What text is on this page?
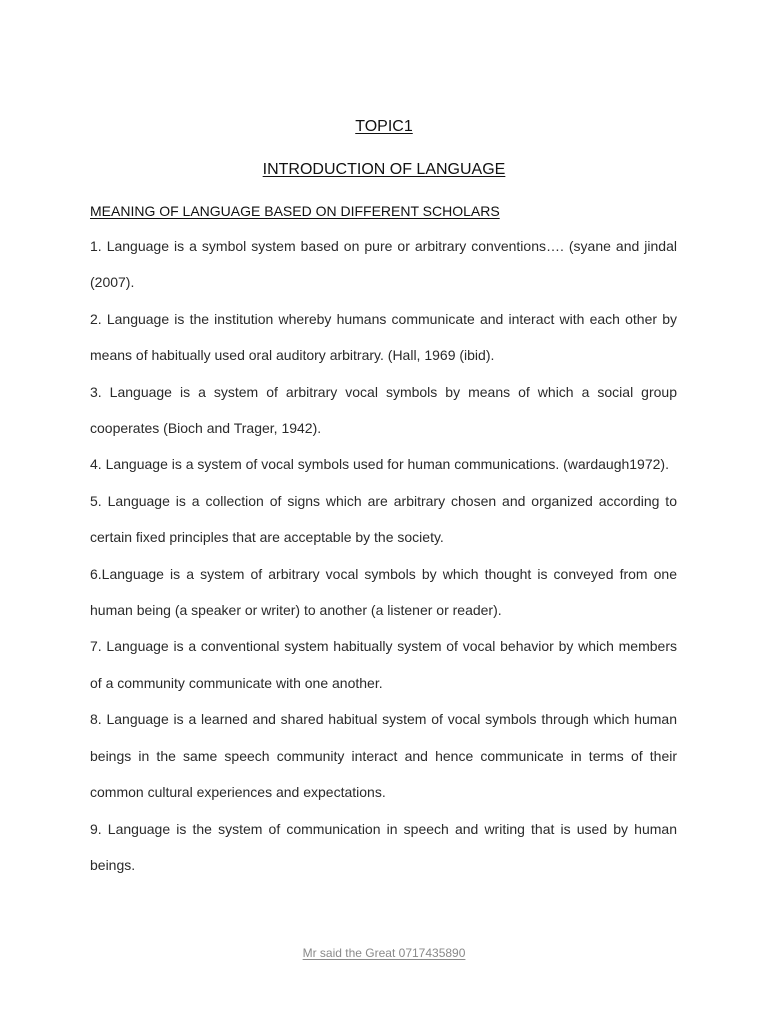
TOPIC1
INTRODUCTION OF LANGUAGE
MEANING OF LANGUAGE BASED ON DIFFERENT SCHOLARS

1. Language is a symbol system based on pure or arbitrary conventions…. (syane and jindal (2007).

2. Language is the institution whereby humans communicate and interact with each other by means of habitually used oral auditory arbitrary. (Hall, 1969 (ibid).

3. Language is a system of arbitrary vocal symbols by means of which a social group cooperates (Bioch and Trager, 1942).

4. Language is a system of vocal symbols used for human communications. (wardaugh1972).

5. Language is a collection of signs which are arbitrary chosen and organized according to certain fixed principles that are acceptable by the society.

6.Language is a system of arbitrary vocal symbols by which thought is conveyed from one human being (a speaker or writer) to another (a listener or reader).

7. Language is a conventional system habitually system of vocal behavior by which members of a community communicate with one another.

8. Language is a learned and shared habitual system of vocal symbols through which human beings in the same speech community interact and hence communicate in terms of their common cultural experiences and expectations.

9. Language is the system of communication in speech and writing that is used by human beings.

Mr said the Great 0717435890
